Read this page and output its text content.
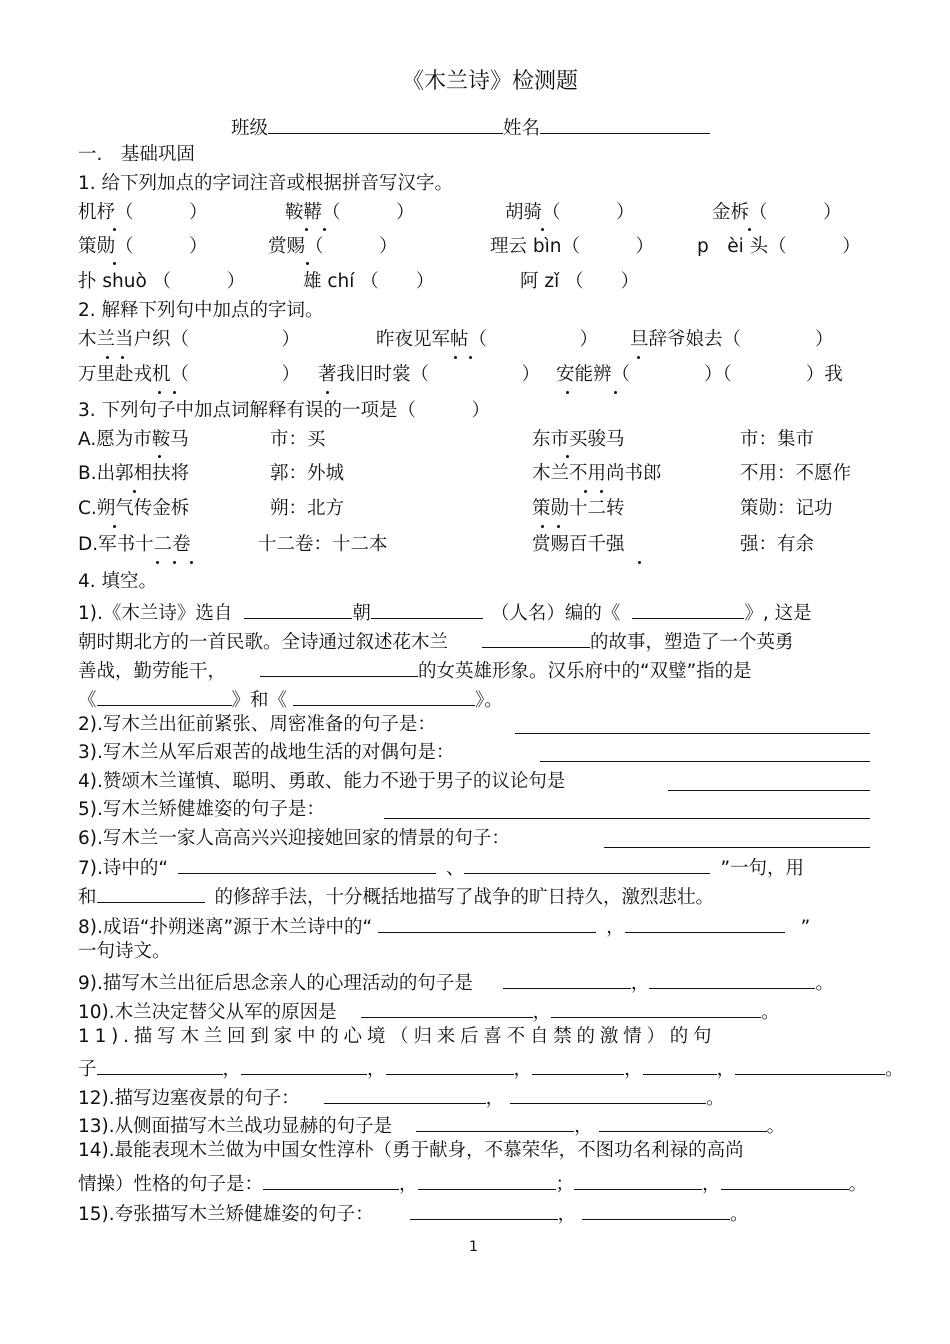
《木兰诗》检测题
班级	姓名
一.　基础巩固
1. 给下列加点的字词注音或根据拼音写汉字。
机杼（　　　）	鞍鞯（　　　）	胡骑（　　　）	金柝（　　　）
策勋（　　　）	赏赐（　　　）	理云 bìn（　　　） p　èi 头（　　　）
扑 shuò （　　　）	雄 chí （　　）	阿 zǐ （　　）
2. 解释下列句中加点的字词。
木兰当户织（　　　　　）	昨夜见军帖（　　　　　） 旦辞爷娘去（　　　　）
万里赴戎机（　　　　　） 著我旧时裳（　　　　　） 安能辨（　　　　）（　　　　）我
3. 下列句子中加点词解释有误的一项是（　　　）
A.愿为市鞍马	市：买	东市买骏马	市：集市
B.出郭相扶将	郭：外城	木兰不用尚书郎	不用：不愿作
C.朔气传金柝	朔：北方	策勋十二转	策勋：记功
D.军书十二卷	十二卷：十二本	赏赐百千强	强：有余
4. 填空。
1).《木兰诗》选自	朝	（人名）编的《	》, 这是
朝时期北方的一首民歌。全诗通过叙述花木兰	的故事，塑造了一个英勇
善战，勤劳能干，	的女英雄形象。汉乐府中的“双璧”指的是
《	》和《	》。
2).写木兰出征前紧张、周密准备的句子是：
3).写木兰从军后艰苦的战地生活的对偶句是：
4).赞颂木兰谨慎、聪明、勇敢、能力不逊于男子的议论句是
5).写木兰矫健雄姿的句子是：
6).写木兰一家人高高兴兴迎接她回家的情景的句子：
7).诗中的“	、	”一句，用
和	的修辞手法，十分概括地描写了战争的旷日持久，激烈悲壮。
8).成语“扑朔迷离”源于木兰诗中的“	，	”
一句诗文。
9).描写木兰出征后思念亲人的心理活动的句子是	，	。
10).木兰决定替父从军的原因是	，	。
11).描写木兰回到家中的心境（归来后喜不自禁的激情）的句
子	，	，	，	，	，	。
12).描写边塞夜景的句子：	，	。
13).从侧面描写木兰战功显赫的句子是	，	。
14).最能表现木兰做为中国女性淳朴（勇于献身，不慕荣华，不图功名利禄的高尚
情操）性格的句子是：	，	；	，	。
15).夸张描写木兰矫健雄姿的句子：	，	。
1
